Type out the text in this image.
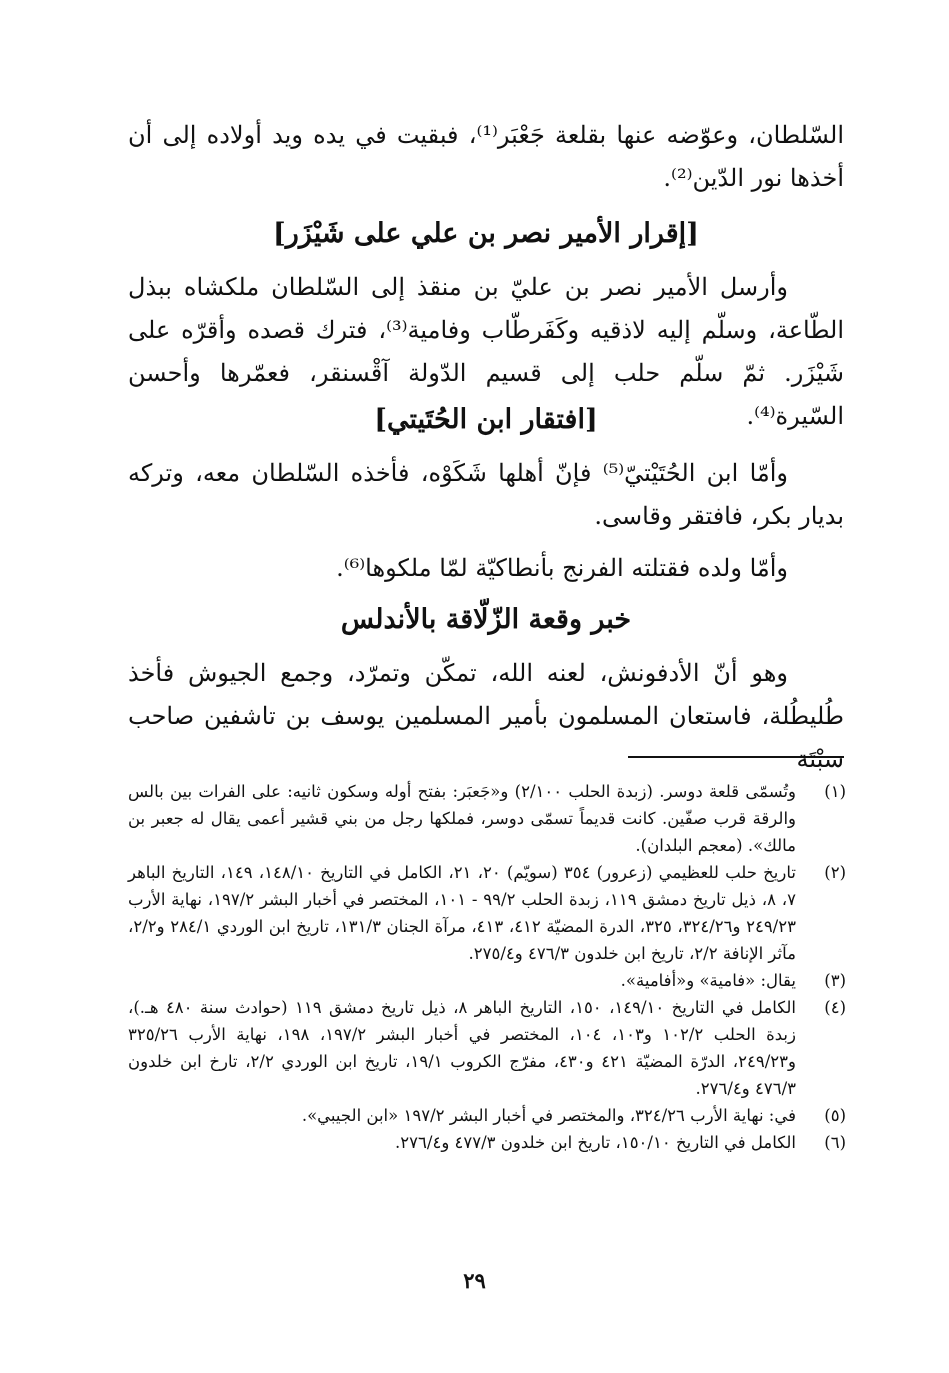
السّلطان، وعوّضه عنها بقلعة جَعْبَر⁽¹⁾، فبقيت في يده ويد أولاده إلى أن أخذها نور الدّين⁽²⁾.

[إقرار الأمير نصر بن علي على شَيْزَر]

وأرسل الأمير نصر بن عليّ بن منقذ إلى السّلطان ملكشاه ببذل الطّاعة، وسلّم إليه لاذقيه وكَفَرطّاب وفامية⁽³⁾، فترك قصده وأقرّه على شَيْزَر. ثمّ سلّم حلب إلى قسيم الدّولة آقْسنقر، فعمّرها وأحسن السّيرة⁽⁴⁾.

[افتقار ابن الحُتَيتي]

وأمّا ابن الحُتَيْتيّ⁽⁵⁾ فإنّ أهلها شَكَوْه، فأخذه السّلطان معه، وتركه بديار بكر، فافتقر وقاسى.

وأمّا ولده فقتلته الفرنج بأنطاكيّة لمّا ملكوها⁽⁶⁾.

خبر وقعة الزّلّاقة بالأندلس

وهو أنّ الأدفونش، لعنه الله، تمكّن وتمرّد، وجمع الجيوش فأخذ طُليطُلة، فاستعان المسلمون بأمير المسلمين يوسف بن تاشفين صاحب سبْتَة

(١)
وتُسمّى قلعة دوسر. (زبدة الحلب ٢/١٠٠) و«جَعبَر: بفتح أوله وسكون ثانيه: على الفرات بين بالس والرقة قرب صفّين. كانت قديماً تسمّى دوسر، فملكها رجل من بني قشير أعمى يقال له جعبر بن مالك». (معجم البلدان).
(٢)
تاريخ حلب للعظيمي (زعرور) ٣٥٤ (سويّم) ٢٠، ٢١، الكامل في التاريخ ١٤٨/١٠، ١٤٩، التاريخ الباهر ٧، ٨، ذيل تاريخ دمشق ١١٩، زبدة الحلب ٩٩/٢ - ١٠١، المختصر في أخبار البشر ١٩٧/٢، نهاية الأرب ٢٤٩/٢٣ و٣٢٤/٢٦، ٣٢٥، الدرة المضيّة ٤١٢، ٤١٣، مرآة الجنان ١٣١/٣، تاريخ ابن الوردي ٢٨٤/١ و٢/٢، مآثر الإنافة ٢/٢، تاريخ ابن خلدون ٤٧٦/٣ و٢٧٥/٤.
(٣)
يقال: «فامية» و«أفامية».
(٤)
الكامل في التاريخ ١٤٩/١٠، ١٥٠، التاريخ الباهر ٨، ذيل تاريخ دمشق ١١٩ (حوادث سنة ٤٨٠ هـ.)، زبدة الحلب ١٠٢/٢ و١٠٣، ١٠٤، المختصر في أخبار البشر ١٩٧/٢، ١٩٨، نهاية الأرب ٣٢٥/٢٦ و٢٤٩/٢٣، الدرّة المضيّة ٤٢١ و٤٣٠، مفرّج الكروب ١٩/١، تاريخ ابن الوردي ٢/٢، تارخ ابن خلدون ٤٧٦/٣ و٢٧٦/٤.
(٥)
في: نهاية الأرب ٣٢٤/٢٦، والمختصر في أخبار البشر ١٩٧/٢ «ابن الجيبي».
(٦)
الكامل في التاريخ ١٥٠/١٠، تاريخ ابن خلدون ٤٧٧/٣ و٢٧٦/٤.
٢٩
